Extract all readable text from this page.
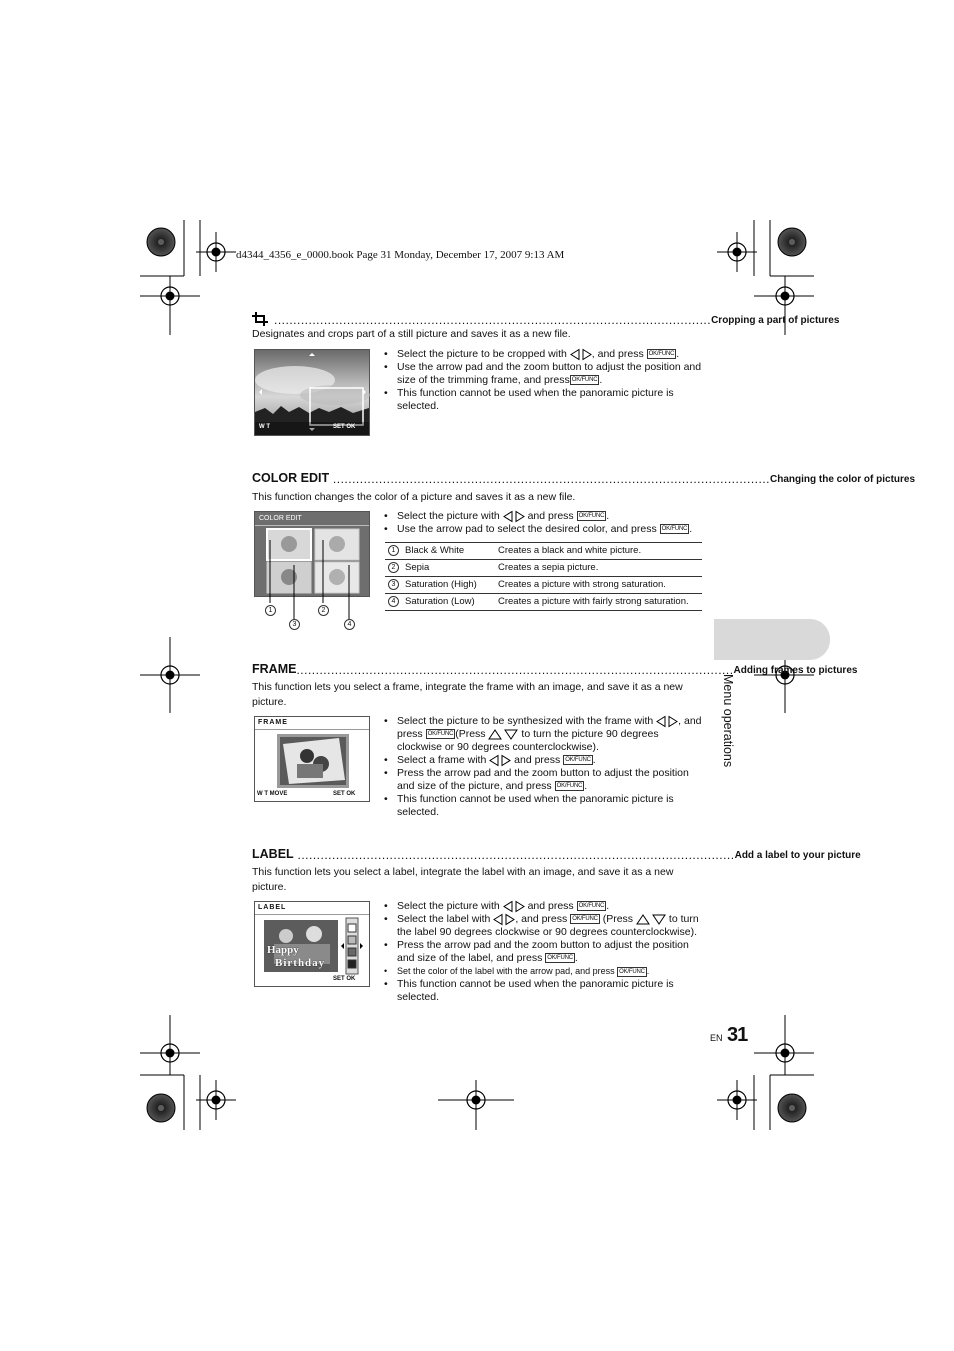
d4344_4356_e_0000.book Page 31 Monday, December 17, 2007 9:13 AM
.................................................................................................................. Cropping a part of pictures
Designates and crops part of a still picture and saves it as a new file.
W T	SET OK
• Select the picture to be cropped with , and press OK/FUNC .
• Use the arrow pad and the zoom button to adjust the position and size of the trimming frame, and press OK/FUNC .
• This function cannot be used when the panoramic picture is selected.
COLOR EDIT .................................................................................................................. Changing the color of pictures
This function changes the color of a picture and saves it as a new file.
COLOR EDIT
1
3
2
4
• Select the picture with	and press OK/FUNC .
• Use the arrow pad to select the desired color, and press OK/FUNC .
1 Black & White	Creates a black and white picture.
2 Sepia	Creates a sepia picture.
3 Saturation (High)	Creates a picture with strong saturation.
4 Saturation (Low)	Creates a picture with fairly strong saturation.
FRAME .................................................................................................................. Adding frames to pictures
This function lets you select a frame, integrate the frame with an image, and save it as a new picture.
FRAME
W T MOVE	SET OK
• Select the picture to be synthesized with the frame with , and press OK/FUNC (Press	to turn the picture 90 degrees clockwise or 90 degrees counterclockwise).
• Select a frame with	and press OK/FUNC .
• Press the arrow pad and the zoom button to adjust the position and size of the picture, and press OK/FUNC .
• This function cannot be used when the panoramic picture is selected.
LABEL .................................................................................................................. Add a label to your picture
This function lets you select a label, integrate the label with an image, and save it as a new picture.
LABEL
Happy
Birthday
SET OK
• Select the picture with	and press OK/FUNC .
• Select the label with , and press OK/FUNC (Press	to turn the label 90 degrees clockwise or 90 degrees counterclockwise).
• Press the arrow pad and the zoom button to adjust the position and size of the label, and press OK/FUNC .
• Set the color of the label with the arrow pad, and press OK/FUNC .
• This function cannot be used when the panoramic picture is selected.
Menu operations
EN 31
